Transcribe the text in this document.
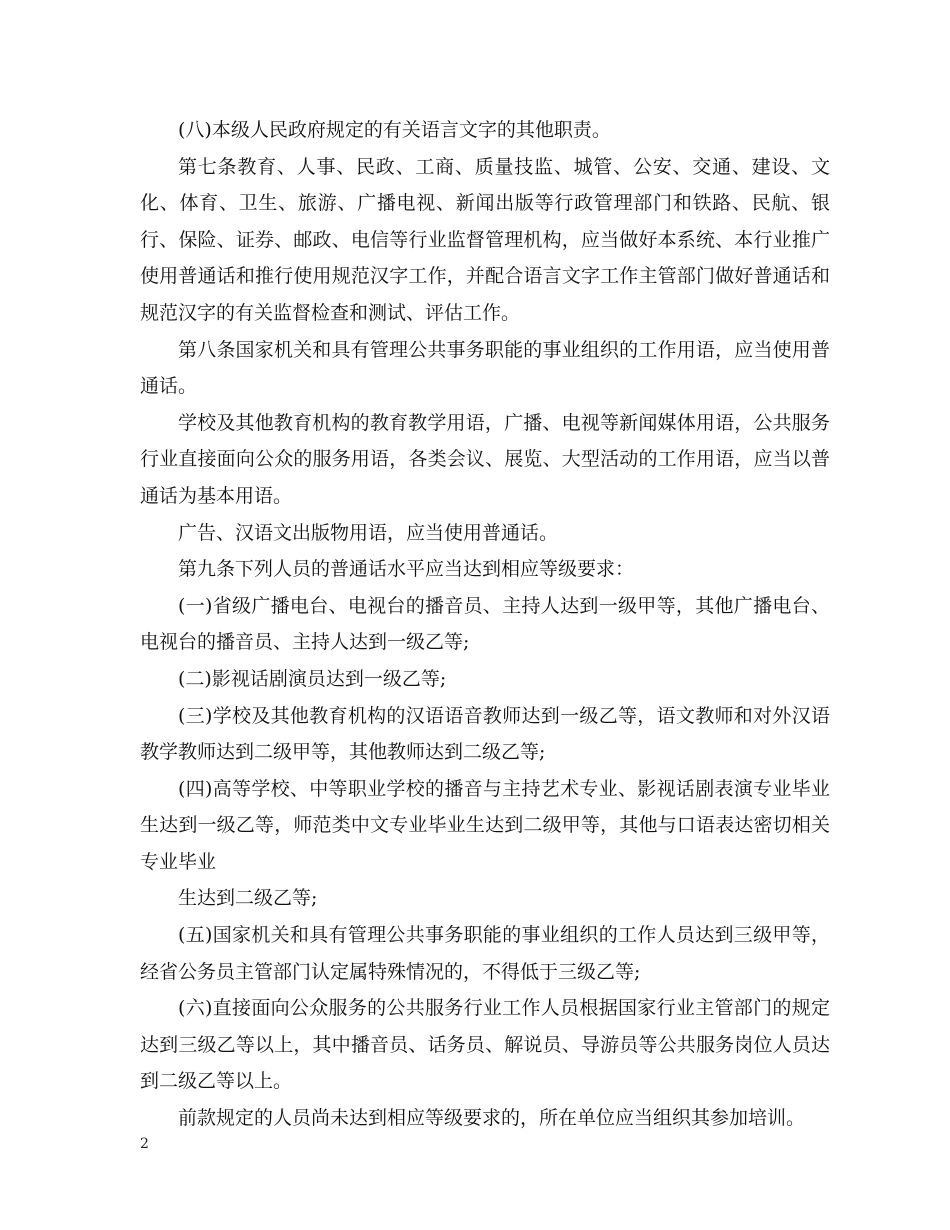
(八)本级人民政府规定的有关语言文字的其他职责。

第七条教育、人事、民政、工商、质量技监、城管、公安、交通、建设、文化、体育、卫生、旅游、广播电视、新闻出版等行政管理部门和铁路、民航、银行、保险、证券、邮政、电信等行业监督管理机构，应当做好本系统、本行业推广使用普通话和推行使用规范汉字工作，并配合语言文字工作主管部门做好普通话和规范汉字的有关监督检查和测试、评估工作。

第八条国家机关和具有管理公共事务职能的事业组织的工作用语，应当使用普通话。

学校及其他教育机构的教育教学用语，广播、电视等新闻媒体用语，公共服务行业直接面向公众的服务用语，各类会议、展览、大型活动的工作用语，应当以普通话为基本用语。

广告、汉语文出版物用语，应当使用普通话。

第九条下列人员的普通话水平应当达到相应等级要求：

(一)省级广播电台、电视台的播音员、主持人达到一级甲等，其他广播电台、电视台的播音员、主持人达到一级乙等;

(二)影视话剧演员达到一级乙等;

(三)学校及其他教育机构的汉语语音教师达到一级乙等，语文教师和对外汉语教学教师达到二级甲等，其他教师达到二级乙等;

(四)高等学校、中等职业学校的播音与主持艺术专业、影视话剧表演专业毕业生达到一级乙等，师范类中文专业毕业生达到二级甲等，其他与口语表达密切相关专业毕业

生达到二级乙等;

(五)国家机关和具有管理公共事务职能的事业组织的工作人员达到三级甲等，经省公务员主管部门认定属特殊情况的，不得低于三级乙等;

(六)直接面向公众服务的公共服务行业工作人员根据国家行业主管部门的规定达到三级乙等以上，其中播音员、话务员、解说员、导游员等公共服务岗位人员达到二级乙等以上。

前款规定的人员尚未达到相应等级要求的，所在单位应当组织其参加培训。

2
